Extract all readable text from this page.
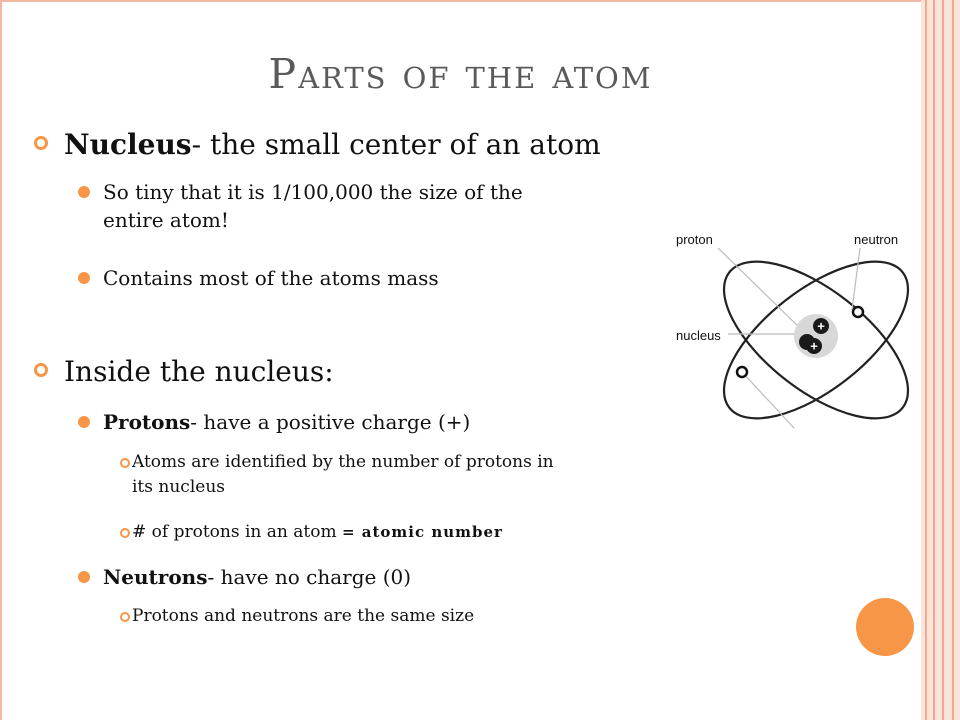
Parts of the atom
Nucleus- the small center of an atom
So tiny that it is 1/100,000 the size of the
entire atom!
Contains most of the atoms mass
Inside the nucleus:
Protons- have a positive charge (+)
Atoms are identified by the number of protons in
its nucleus
# of protons in an atom = atomic number
Neutrons- have no charge (0)
Protons and neutrons are the same size
+
+
proton	neutron
nucleus
